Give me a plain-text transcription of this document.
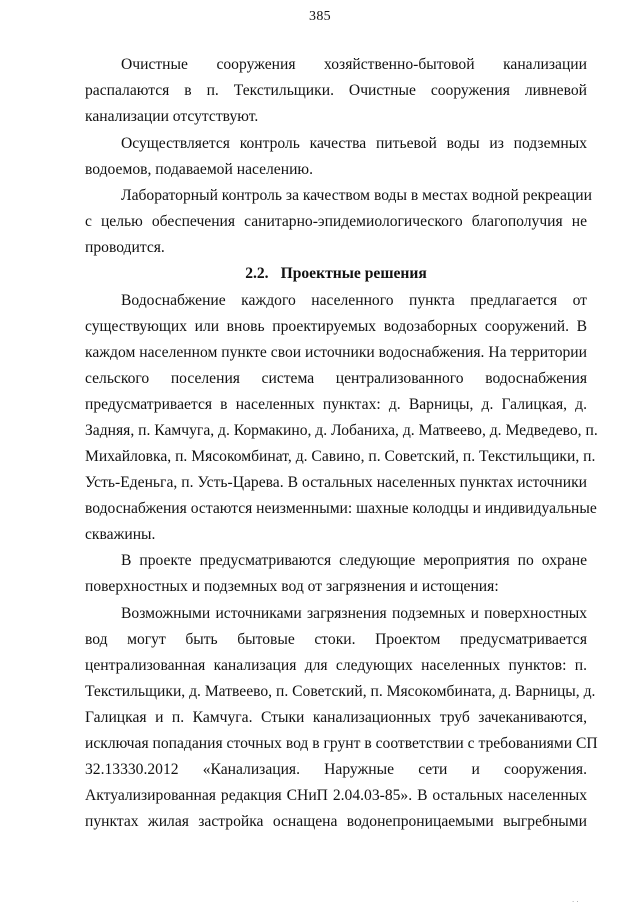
385
Очистные сооружения хозяйственно-бытовой канализации
распалаются в п. Текстильщики. Очистные сооружения ливневой
канализации отсутствуют.
Осуществляется контроль качества питьевой воды из подземных
водоемов, подаваемой населению.
Лабораторный контроль за качеством воды в местах водной рекреации
с целью обеспечения санитарно-эпидемиологического благополучия не
проводится.
2.2. Проектные решения
Водоснабжение каждого населенного пункта предлагается от
существующих или вновь проектируемых водозаборных сооружений. В
каждом населенном пункте свои источники водоснабжения. На территории
сельского поселения система централизованного водоснабжения
предусматривается в населенных пунктах: д. Варницы, д. Галицкая, д.
Задняя, п. Камчуга, д. Кормакино, д. Лобаниха, д. Матвеево, д. Медведево, п.
Михайловка, п. Мясокомбинат, д. Савино, п. Советский, п. Текстильщики, п.
Усть-Еденьга, п. Усть-Царева. В остальных населенных пунктах источники
водоснабжения остаются неизменными: шахные колодцы и индивидуальные
скважины.
В проекте предусматриваются следующие мероприятия по охране
поверхностных и подземных вод от загрязнения и истощения:
Возможными источниками загрязнения подземных и поверхностных
вод могут быть бытовые стоки. Проектом предусматривается
централизованная канализация для следующих населенных пунктов: п.
Текстильщики, д. Матвеево, п. Советский, п. Мясокомбината, д. Варницы, д.
Галицкая и п. Камчуга. Стыки канализационных труб зачеканиваются,
исключая попадания сточных вод в грунт в соответствии с требованиями СП
32.13330.2012 «Канализация. Наружные сети и сооружения.
Актуализированная редакция СНиП 2.04.03-85». В остальных населенных
пунктах жилая застройка оснащена водонепроницаемыми выгребными
· ·
